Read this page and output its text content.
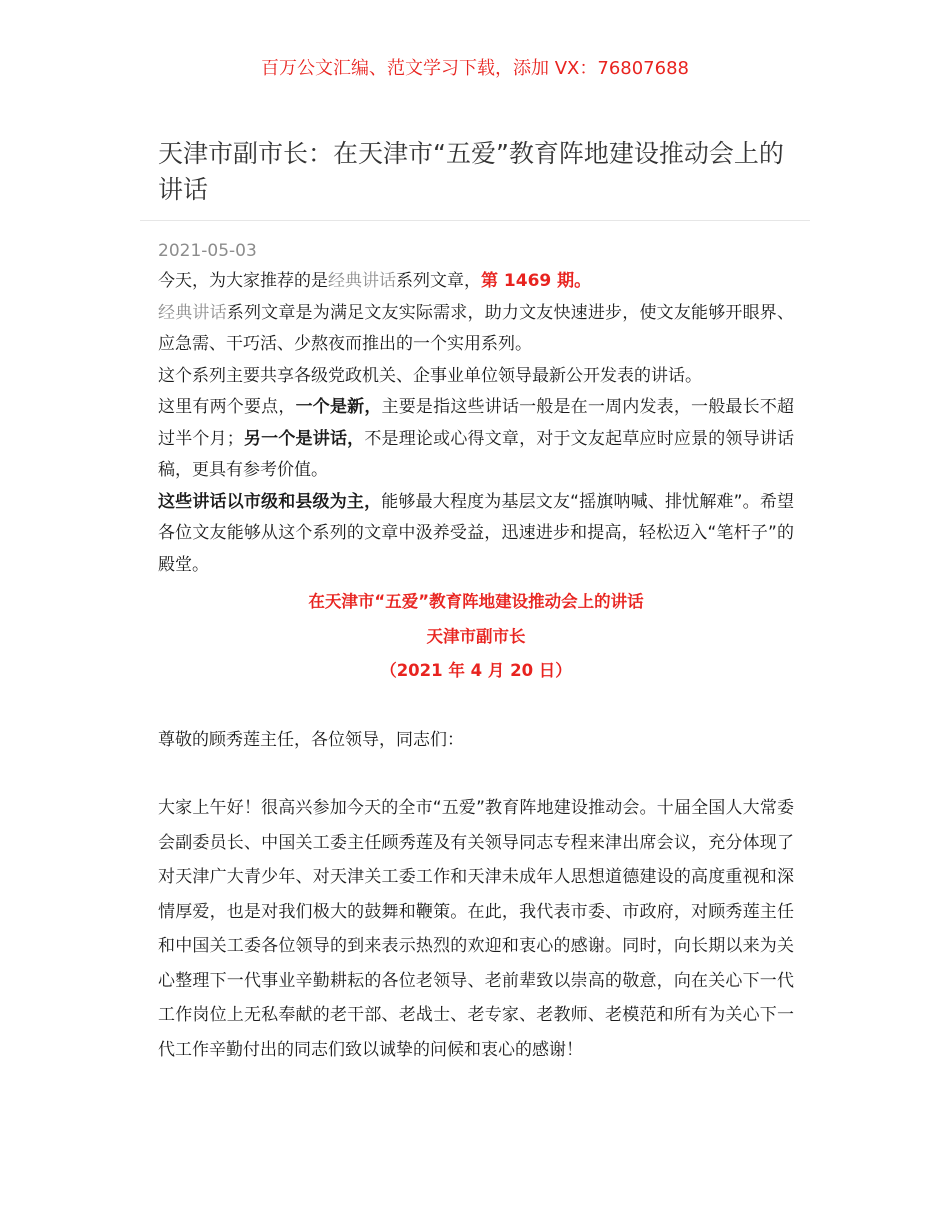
百万公文汇编、范文学习下载，添加 VX：76807688
天津市副市长：在天津市“五爱”教育阵地建设推动会上的讲话
2021-05-03

今天，为大家推荐的是经典讲话系列文章，第 1469 期。

经典讲话系列文章是为满足文友实际需求，助力文友快速进步，使文友能够开眼界、应急需、干巧活、少熬夜而推出的一个实用系列。

这个系列主要共享各级党政机关、企事业单位领导最新公开发表的讲话。

这里有两个要点，一个是新，主要是指这些讲话一般是在一周内发表，一般最长不超过半个月；另一个是讲话，不是理论或心得文章，对于文友起草应时应景的领导讲话稿，更具有参考价值。

这些讲话以市级和县级为主，能够最大程度为基层文友“摇旗呐喊、排忧解难”。希望各位文友能够从这个系列的文章中汲养受益，迅速进步和提高，轻松迈入“笔杆子”的殿堂。

在天津市“五爱”教育阵地建设推动会上的讲话

天津市副市长

（2021 年 4 月 20 日）

尊敬的顾秀莲主任，各位领导，同志们：

大家上午好！很高兴参加今天的全市“五爱”教育阵地建设推动会。十届全国人大常委会副委员长、中国关工委主任顾秀莲及有关领导同志专程来津出席会议，充分体现了对天津广大青少年、对天津关工委工作和天津未成年人思想道德建设的高度重视和深情厚爱，也是对我们极大的鼓舞和鞭策。在此，我代表市委、市政府，对顾秀莲主任和中国关工委各位领导的到来表示热烈的欢迎和衷心的感谢。同时，向长期以来为关心整理下一代事业辛勤耕耘的各位老领导、老前辈致以崇高的敬意，向在关心下一代工作岗位上无私奉献的老干部、老战士、老专家、老教师、老模范和所有为关心下一代工作辛勤付出的同志们致以诚挚的问候和衷心的感谢！
